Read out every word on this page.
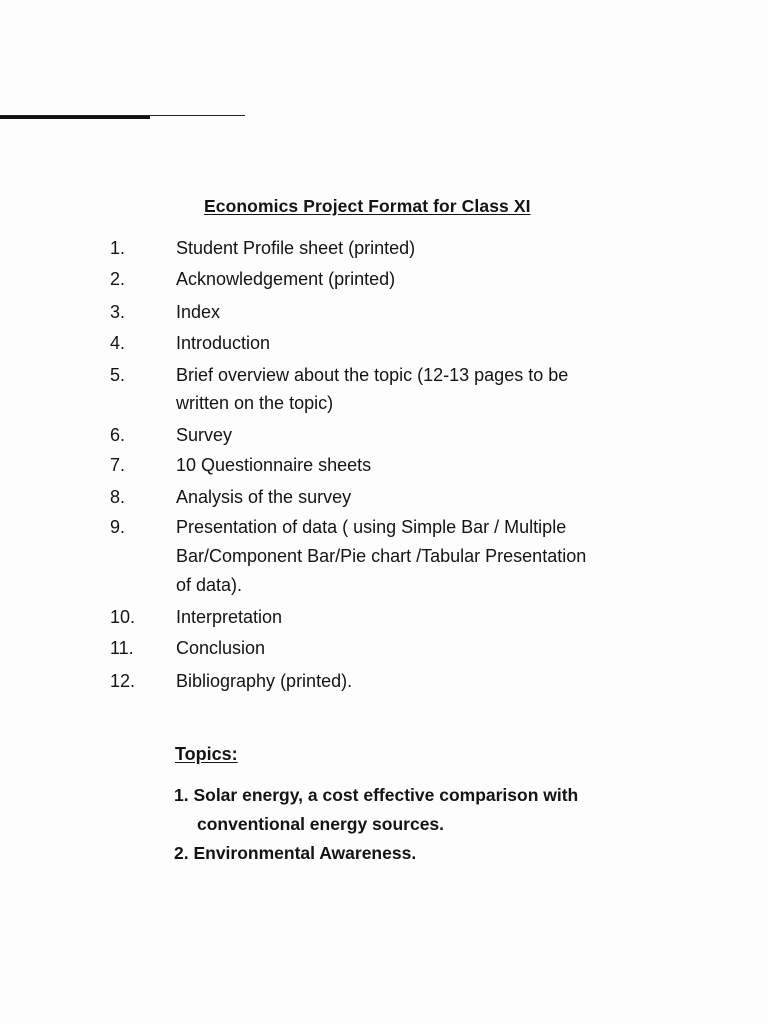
Economics Project Format for Class XI
1.	Student Profile sheet (printed)
2.	Acknowledgement (printed)
3.	Index
4.	Introduction
5.	Brief overview about the topic (12-13 pages to be
written on the topic)
6.	Survey
7.	10 Questionnaire sheets
8.	Analysis of the survey
9.	Presentation of data ( using Simple Bar / Multiple
Bar/Component Bar/Pie chart /Tabular Presentation
of data).
10.	Interpretation
11.	Conclusion
12.	Bibliography (printed).
Topics:
1. Solar energy, a cost effective comparison with
conventional energy sources.
2. Environmental Awareness.
